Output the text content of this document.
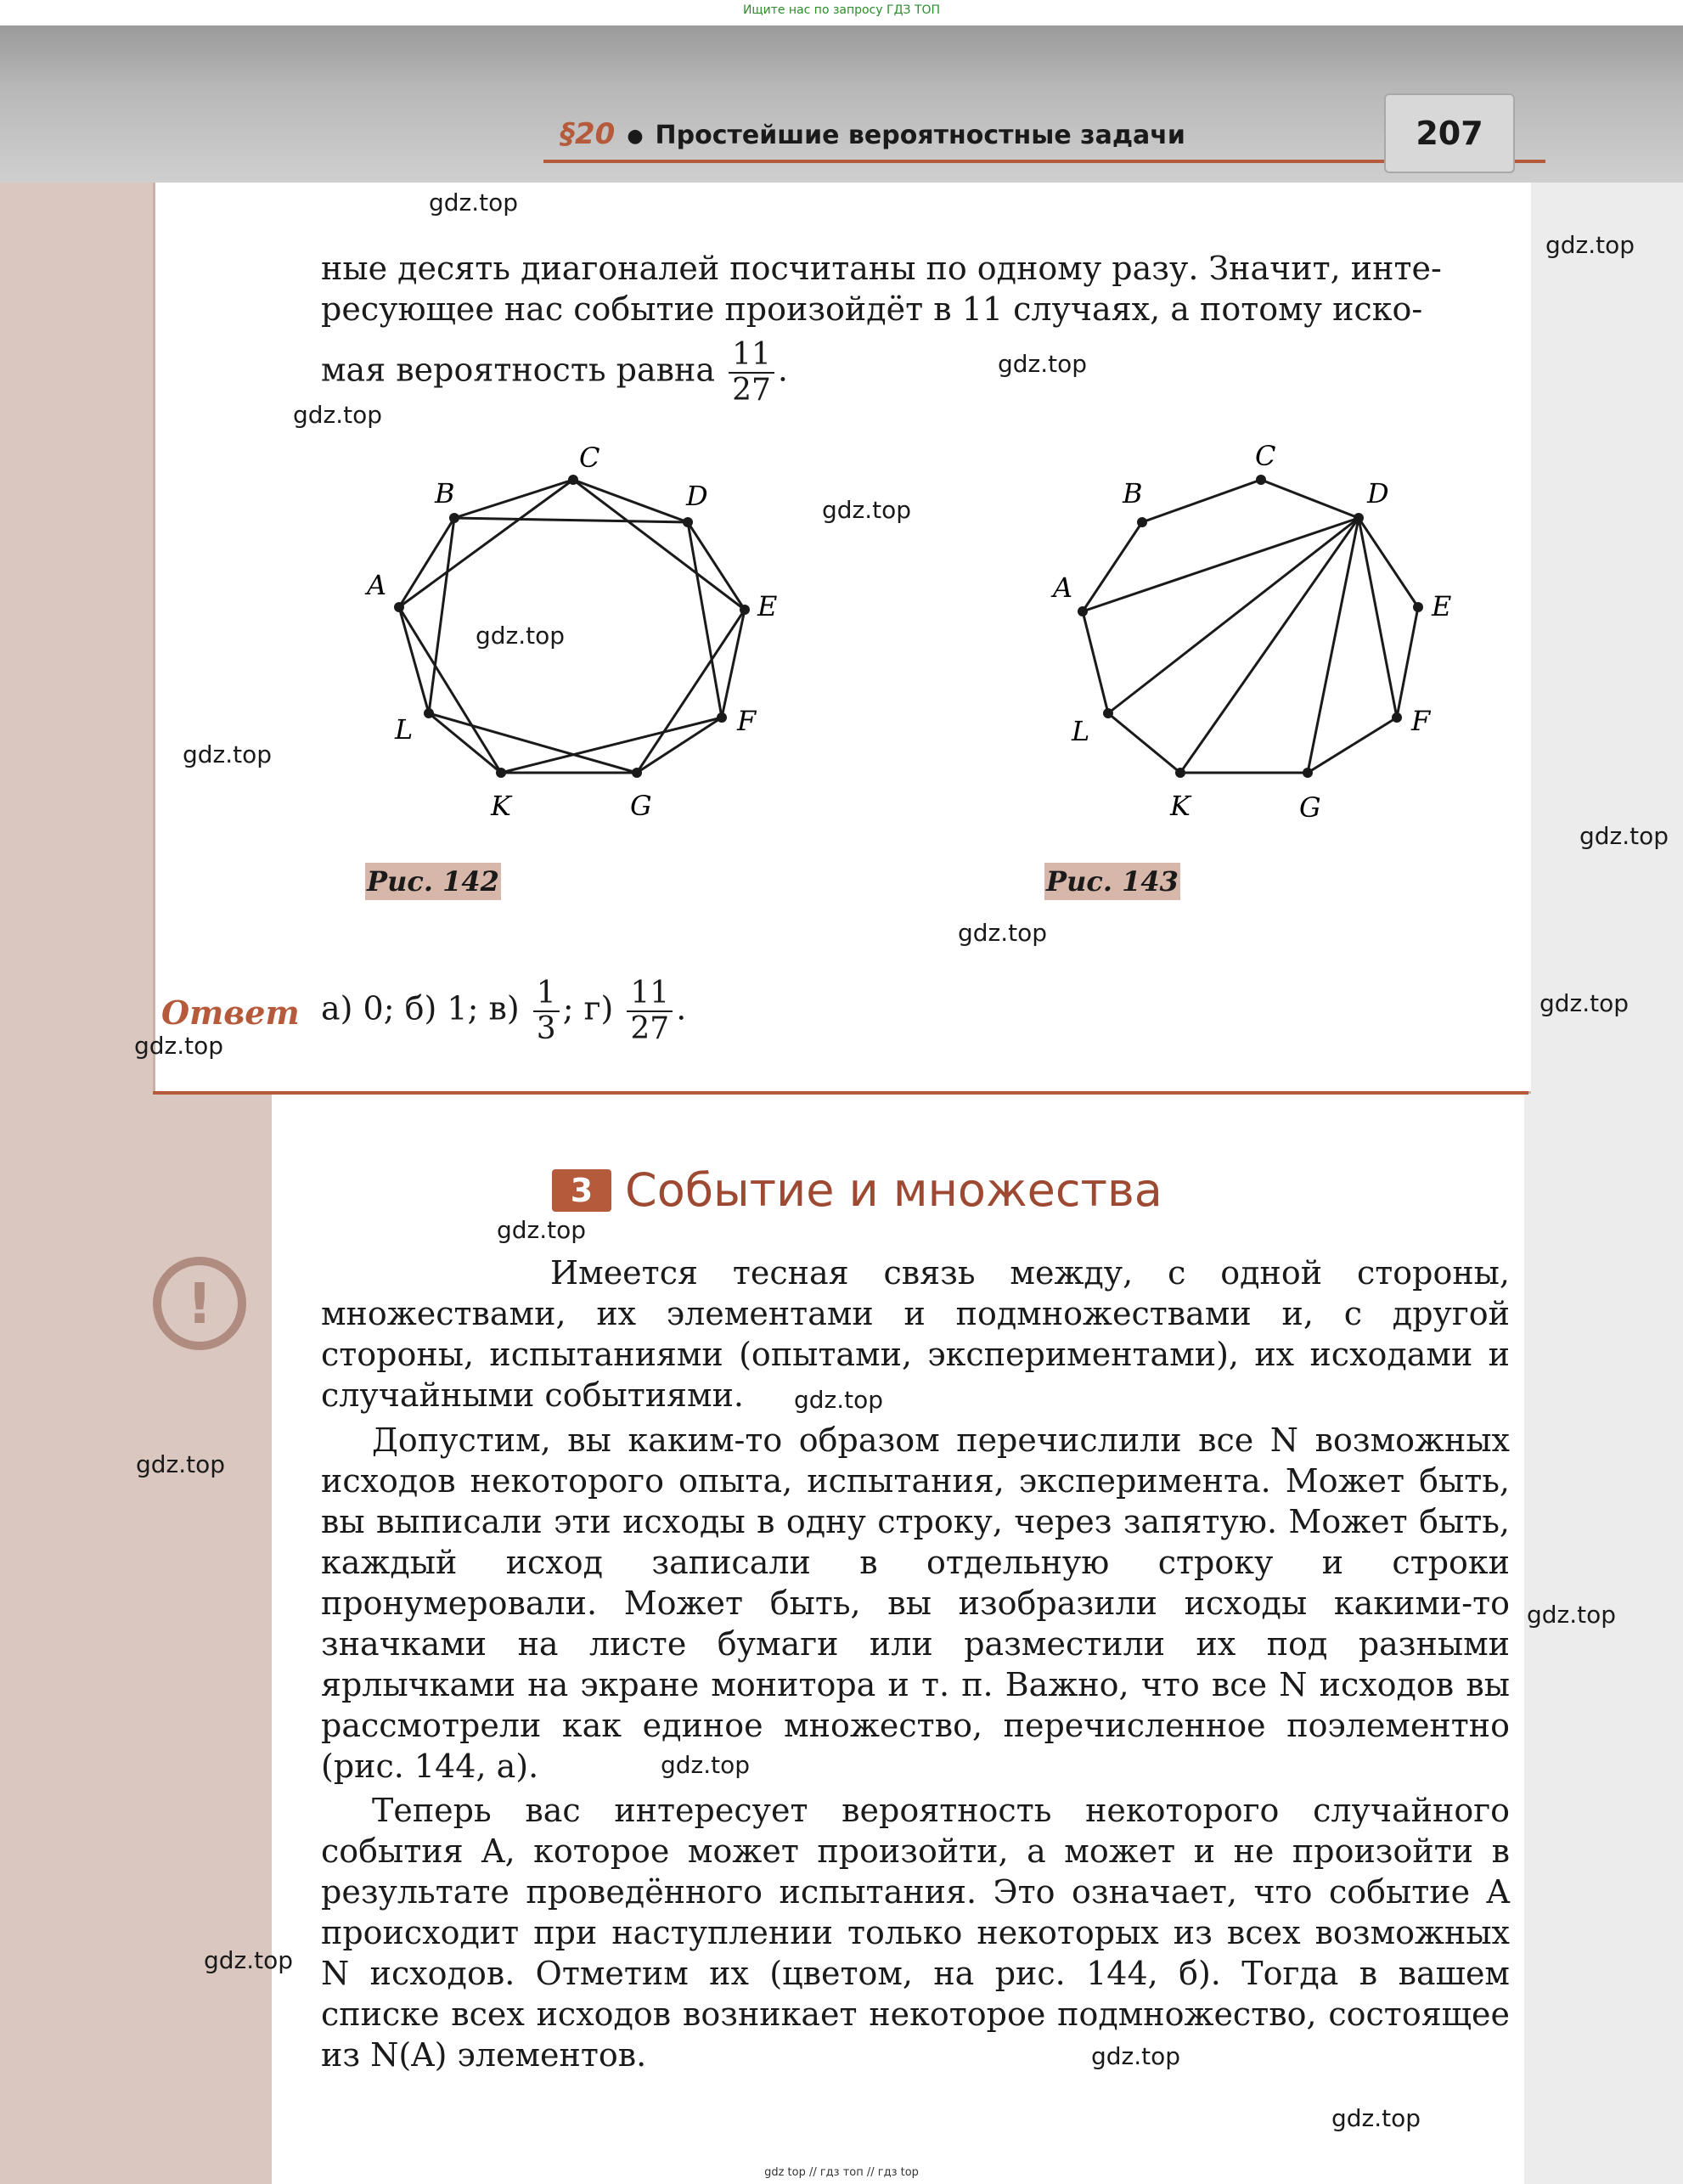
Ищите нас по запросу ГДЗ ТОП
§20 ● Простейшие вероятностные задачи	207
ные десять диагоналей посчитаны по одному разу. Значит, инте-
ресующее нас событие произойдёт в 11 случаях, а потому иско-
мая вероятность равна $\frac{11}{27}$ .
A
B
C
D
E
F
G
K
L
Рис. 142
A
B
C
D
E
F
G
K
L
Рис. 143
Ответ а) 0; б) 1; $в) \frac{1}{3}$ ; $г) \frac{11}{27}$ .
3 Событие и множества
!	Имеется тесная связь между, с одной стороны, множествами, их элементами и подмножествами и, с другой стороны, испытаниями (опытами, экспериментами), их исходами и случайными событиями.
Допустим, вы каким-то образом перечислили все N возможных исходов некоторого опыта, испытания, эксперимента. Может быть, вы выписали эти исходы в одну строку, через запятую. Может быть, каждый исход записали в отдельную строку и строки пронумеровали. Может быть, вы изобразили исходы какими-то значками на листе бумаги или разместили их под разными ярлычками на экране монитора и т. п. Важно, что все N исходов вы рассмотрели как единое множество, перечисленное поэлементно (рис. 144, а).
Теперь вас интересует вероятность некоторого случайного события A, которое может произойти, а может и не произойти в результате проведённого испытания. Это означает, что событие A происходит при наступлении только некоторых из всех возможных N исходов. Отметим их (цветом, на рис. 144, б). Тогда в вашем списке всех исходов возникает некоторое подмножество, состоящее из N(A) элементов.
gdz.top
gdz.top
gdz.top
gdz.top
gdz.top
gdz.top
gdz.top
gdz.top
gdz.top
gdz.top
gdz.top
gdz.top
gdz.top
gdz.top
gdz.top
gdz.top
gdz.top
gdz.top
gdz.top
gdz top // гдз топ // гдз top
